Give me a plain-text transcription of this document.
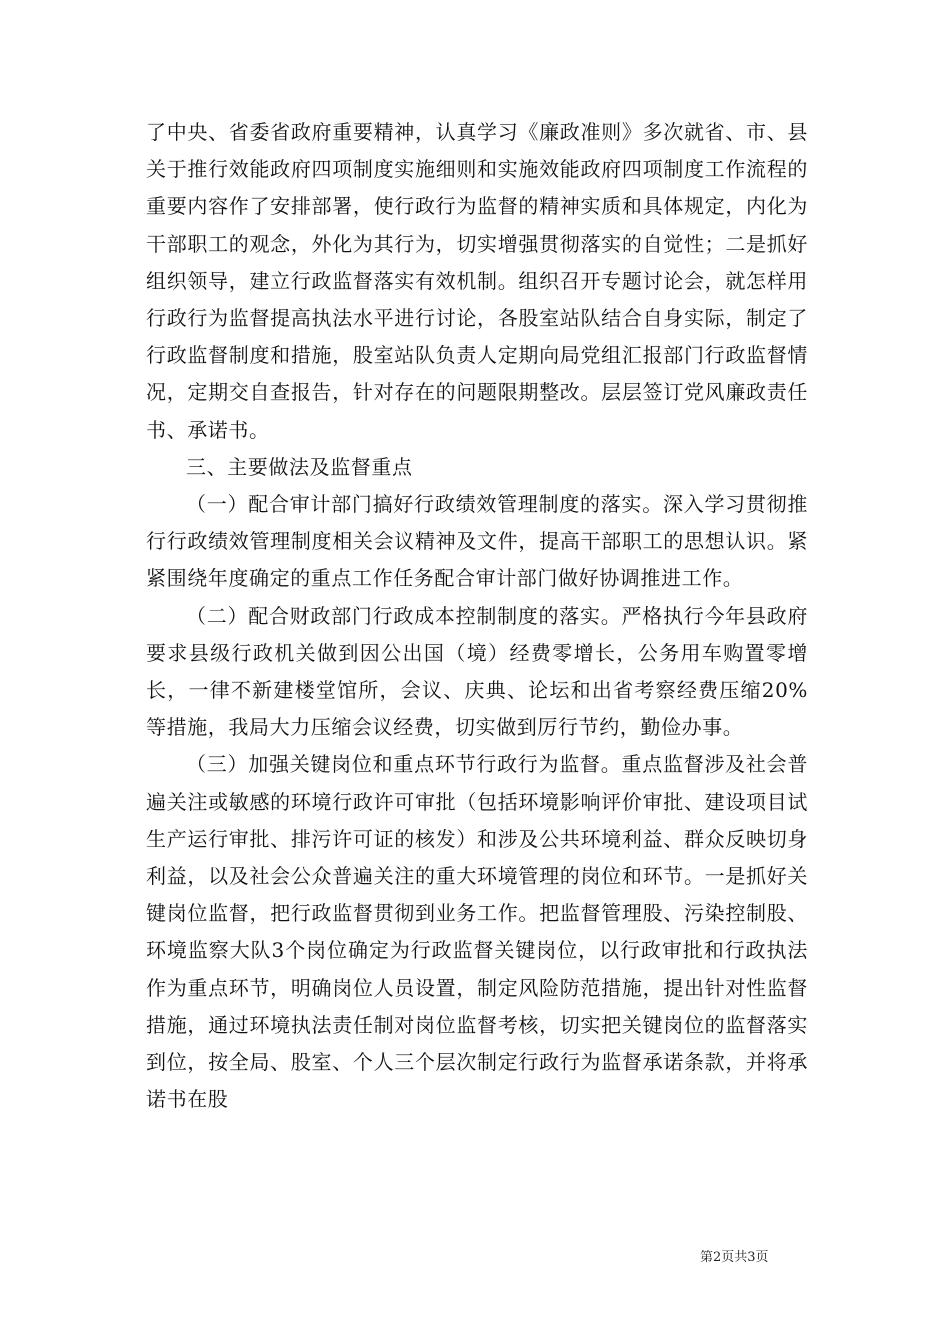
了中央、省委省政府重要精神，认真学习《廉政准则》多次就省、市、县关于推行效能政府四项制度实施细则和实施效能政府四项制度工作流程的重要内容作了安排部署，使行政行为监督的精神实质和具体规定，内化为干部职工的观念，外化为其行为，切实增强贯彻落实的自觉性；二是抓好组织领导，建立行政监督落实有效机制。组织召开专题讨论会，就怎样用行政行为监督提高执法水平进行讨论，各股室站队结合自身实际，制定了行政监督制度和措施，股室站队负责人定期向局党组汇报部门行政监督情况，定期交自查报告，针对存在的问题限期整改。层层签订党风廉政责任书、承诺书。

三、主要做法及监督重点

（一）配合审计部门搞好行政绩效管理制度的落实。深入学习贯彻推行行政绩效管理制度相关会议精神及文件，提高干部职工的思想认识。紧紧围绕年度确定的重点工作任务配合审计部门做好协调推进工作。

（二）配合财政部门行政成本控制制度的落实。严格执行今年县政府要求县级行政机关做到因公出国（境）经费零增长，公务用车购置零增长，一律不新建楼堂馆所，会议、庆典、论坛和出省考察经费压缩20%等措施，我局大力压缩会议经费，切实做到厉行节约，勤俭办事。

（三）加强关键岗位和重点环节行政行为监督。重点监督涉及社会普遍关注或敏感的环境行政许可审批（包括环境影响评价审批、建设项目试生产运行审批、排污许可证的核发）和涉及公共环境利益、群众反映切身利益，以及社会公众普遍关注的重大环境管理的岗位和环节。一是抓好关键岗位监督，把行政监督贯彻到业务工作。把监督管理股、污染控制股、环境监察大队3个岗位确定为行政监督关键岗位，以行政审批和行政执法作为重点环节，明确岗位人员设置，制定风险防范措施，提出针对性监督措施，通过环境执法责任制对岗位监督考核，切实把关键岗位的监督落实到位，按全局、股室、个人三个层次制定行政行为监督承诺条款，并将承诺书在股

第2页共3页
